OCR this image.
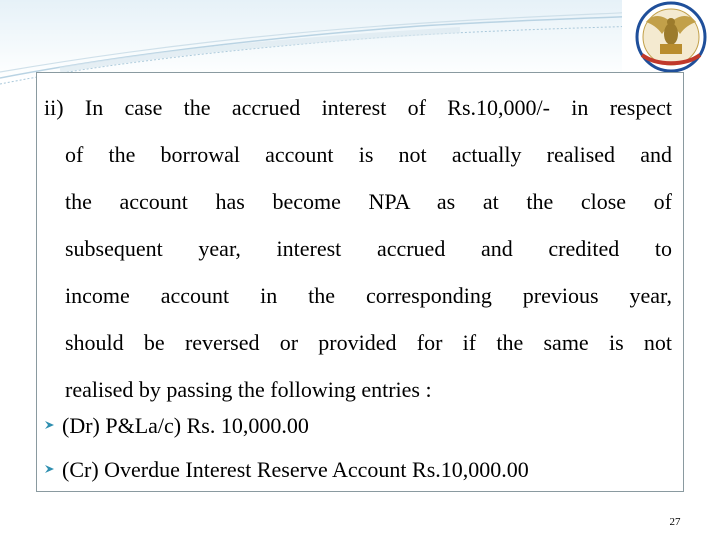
ii) In case the accrued interest of Rs.10,000/- in respect
of the borrowal account is not actually realised and
the account has become NPA as at the close of
subsequent year, interest accrued and credited to
income account in the corresponding previous year,
should be reversed or provided for if the same is not
realised by passing the following entries :
(Dr) P&La/c) Rs. 10,000.00
(Cr) Overdue Interest Reserve Account Rs.10,000.00
27
